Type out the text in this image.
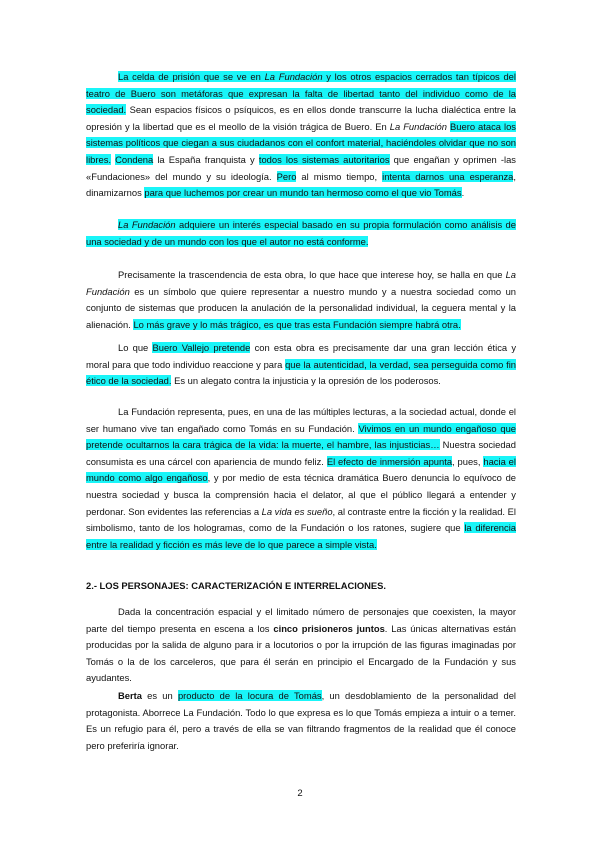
La celda de prisión que se ve en La Fundación y los otros espacios cerrados tan típicos del teatro de Buero son metáforas que expresan la falta de libertad tanto del individuo como de la sociedad. Sean espacios físicos o psíquicos, es en ellos donde transcurre la lucha dialéctica entre la opresión y la libertad que es el meollo de la visión trágica de Buero. En La Fundación Buero ataca los sistemas políticos que ciegan a sus ciudadanos con el confort material, haciéndoles olvidar que no son libres. Condena la España franquista y todos los sistemas autoritarios que engañan y oprimen -las «Fundaciones» del mundo y su ideología. Pero al mismo tiempo, intenta darnos una esperanza, dinamizarnos para que luchemos por crear un mundo tan hermoso como el que vio Tomás.

La Fundación adquiere un interés especial basado en su propia formulación como análisis de una sociedad y de un mundo con los que el autor no está conforme.

Precisamente la trascendencia de esta obra, lo que hace que interese hoy, se halla en que La Fundación es un símbolo que quiere representar a nuestro mundo y a nuestra sociedad como un conjunto de sistemas que producen la anulación de la personalidad individual, la ceguera mental y la alienación. Lo más grave y lo más trágico, es que tras esta Fundación siempre habrá otra.

Lo que Buero Vallejo pretende con esta obra es precisamente dar una gran lección ética y moral para que todo individuo reaccione y para que la autenticidad, la verdad, sea perseguida como fin ético de la sociedad. Es un alegato contra la injusticia y la opresión de los poderosos.

La Fundación representa, pues, en una de las múltiples lecturas, a la sociedad actual, donde el ser humano vive tan engañado como Tomás en su Fundación. Vivimos en un mundo engañoso que pretende ocultarnos la cara trágica de la vida: la muerte, el hambre, las injusticias… Nuestra sociedad consumista es una cárcel con apariencia de mundo feliz. El efecto de inmersión apunta, pues, hacia el mundo como algo engañoso, y por medio de esta técnica dramática Buero denuncia lo equívoco de nuestra sociedad y busca la comprensión hacia el delator, al que el público llegará a entender y perdonar. Son evidentes las referencias a La vida es sueño, al contraste entre la ficción y la realidad. El simbolismo, tanto de los hologramas, como de la Fundación o los ratones, sugiere que la diferencia entre la realidad y ficción es más leve de lo que parece a simple vista.

2.- LOS PERSONAJES: CARACTERIZACIÓN E INTERRELACIONES.

Dada la concentración espacial y el limitado número de personajes que coexisten, la mayor parte del tiempo presenta en escena a los cinco prisioneros juntos. Las únicas alternativas están producidas por la salida de alguno para ir a locutorios o por la irrupción de las figuras imaginadas por Tomás o la de los carceleros, que para él serán en principio el Encargado de la Fundación y sus ayudantes.

Berta es un producto de la locura de Tomás, un desdoblamiento de la personalidad del protagonista. Aborrece La Fundación. Todo lo que expresa es lo que Tomás empieza a intuir o a temer. Es un refugio para él, pero a través de ella se van filtrando fragmentos de la realidad que él conoce pero preferiría ignorar.

2
